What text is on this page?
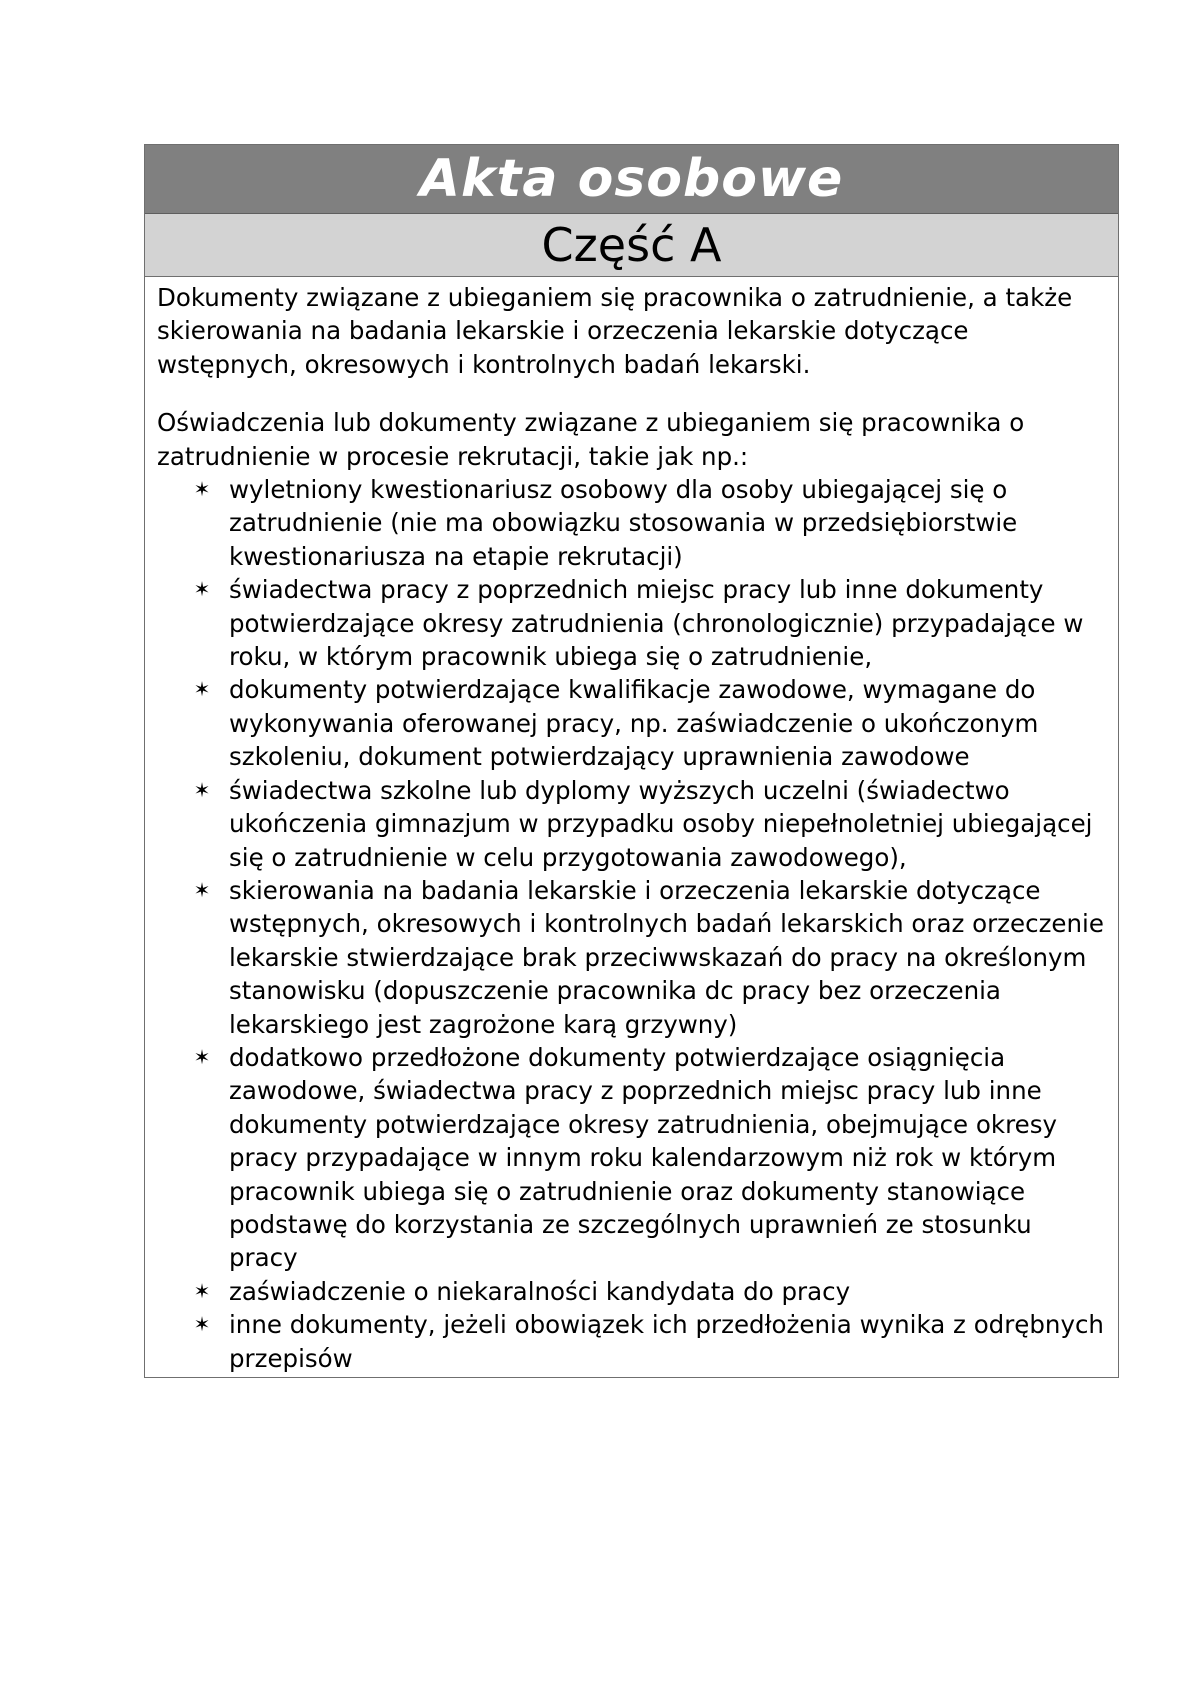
Akta osobowe
Część A

Dokumenty związane z ubieganiem się pracownika o zatrudnienie, a także skierowania na badania lekarskie i orzeczenia lekarskie dotyczące wstępnych, okresowych i kontrolnych badań lekarski.

Oświadczenia lub dokumenty związane z ubieganiem się pracownika o zatrudnienie w procesie rekrutacji, takie jak np.:

✶ wyletniony kwestionariusz osobowy dla osoby ubiegającej się o zatrudnienie (nie ma obowiązku stosowania w przedsiębiorstwie kwestionariusza na etapie rekrutacji)
✶ świadectwa pracy z poprzednich miejsc pracy lub inne dokumenty potwierdzające okresy zatrudnienia (chronologicznie) przypadające w roku, w którym pracownik ubiega się o zatrudnienie,
✶ dokumenty potwierdzające kwalifikacje zawodowe, wymagane do wykonywania oferowanej pracy, np. zaświadczenie o ukończonym szkoleniu, dokument potwierdzający uprawnienia zawodowe
✶ świadectwa szkolne lub dyplomy wyższych uczelni (świadectwo ukończenia gimnazjum w przypadku osoby niepełnoletniej ubiegającej się o zatrudnienie w celu przygotowania zawodowego),
✶ skierowania na badania lekarskie i orzeczenia lekarskie dotyczące wstępnych, okresowych i kontrolnych badań lekarskich oraz orzeczenie lekarskie stwierdzające brak przeciwwskazań do pracy na określonym stanowisku (dopuszczenie pracownika dc pracy bez orzeczenia lekarskiego jest zagrożone karą grzywny)
✶ dodatkowo przedłożone dokumenty potwierdzające osiągnięcia zawodowe, świadectwa pracy z poprzednich miejsc pracy lub inne dokumenty potwierdzające okresy zatrudnienia, obejmujące okresy pracy przypadające w innym roku kalendarzowym niż rok w którym pracownik ubiega się o zatrudnienie oraz dokumenty stanowiące podstawę do korzystania ze szczególnych uprawnień ze stosunku pracy
✶ zaświadczenie o niekaralności kandydata do pracy
✶ inne dokumenty, jeżeli obowiązek ich przedłożenia wynika z odrębnych przepisów
